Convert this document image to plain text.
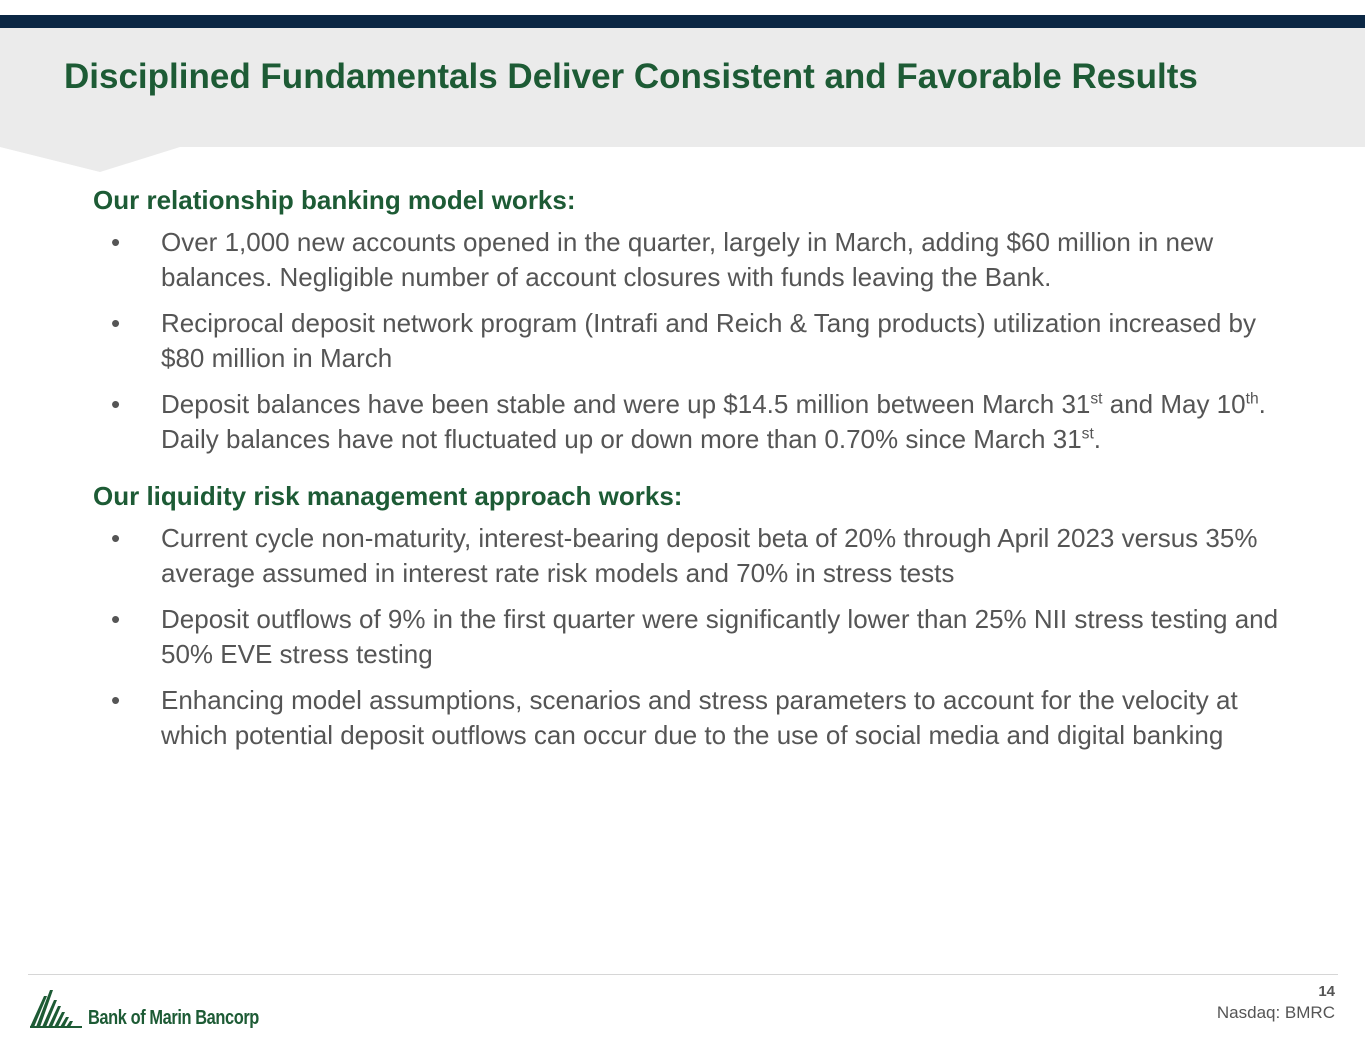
Disciplined Fundamentals Deliver Consistent and Favorable Results
Our relationship banking model works:
• Over 1,000 new accounts opened in the quarter, largely in March, adding $60 million in new balances. Negligible number of account closures with funds leaving the Bank.
• Reciprocal deposit network program (Intrafi and Reich & Tang products) utilization increased by $80 million in March
• Deposit balances have been stable and were up $14.5 million between March 31st and May 10th. Daily balances have not fluctuated up or down more than 0.70% since March 31st.
Our liquidity risk management approach works:
• Current cycle non-maturity, interest-bearing deposit beta of 20% through April 2023 versus 35% average assumed in interest rate risk models and 70% in stress tests
• Deposit outflows of 9% in the first quarter were significantly lower than 25% NII stress testing and 50% EVE stress testing
• Enhancing model assumptions, scenarios and stress parameters to account for the velocity at which potential deposit outflows can occur due to the use of social media and digital banking
Bank of Marin Bancorp
14
Nasdaq: BMRC
